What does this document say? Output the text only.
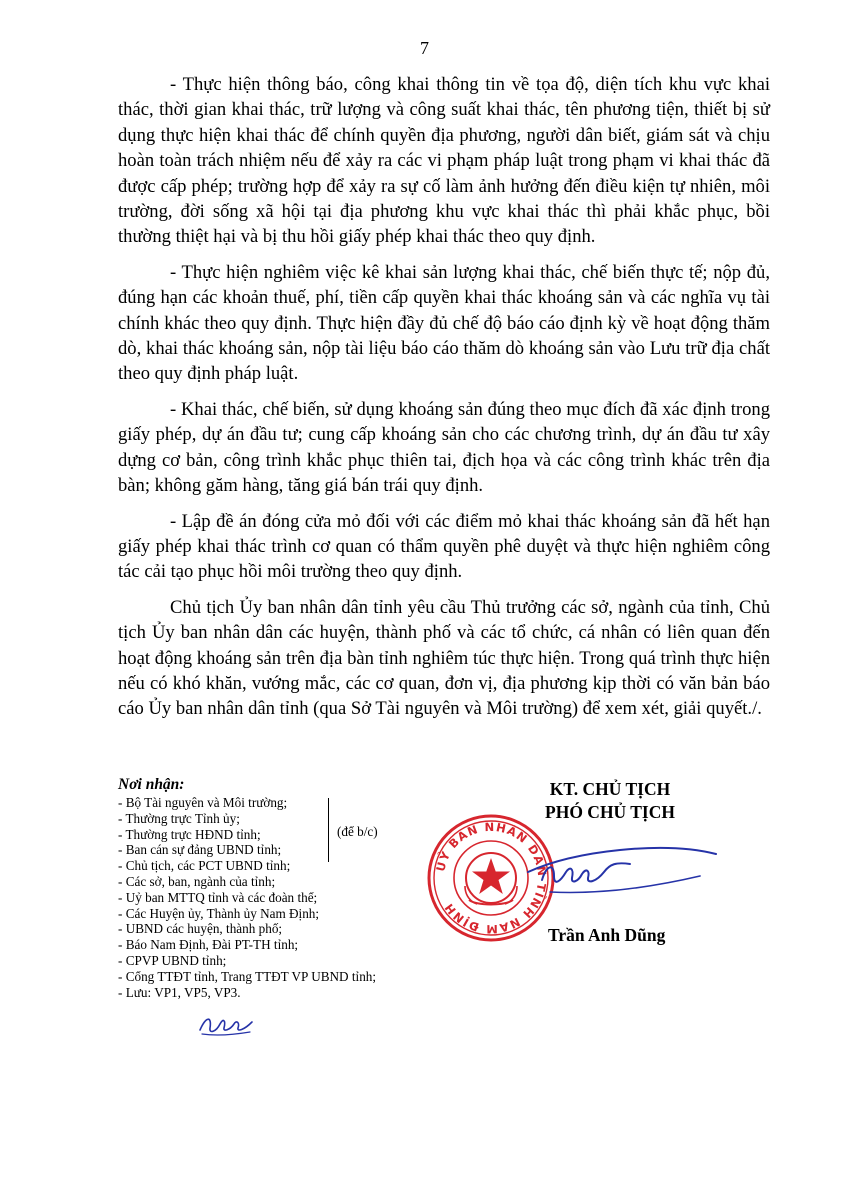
7

- Thực hiện thông báo, công khai thông tin về tọa độ, diện tích khu vực khai thác, thời gian khai thác, trữ lượng và công suất khai thác, tên phương tiện, thiết bị sử dụng thực hiện khai thác để chính quyền địa phương, người dân biết, giám sát và chịu hoàn toàn trách nhiệm nếu để xảy ra các vi phạm pháp luật trong phạm vi khai thác đã được cấp phép; trường hợp để xảy ra sự cố làm ảnh hưởng đến điều kiện tự nhiên, môi trường, đời sống xã hội tại địa phương khu vực khai thác thì phải khắc phục, bồi thường thiệt hại và bị thu hồi giấy phép khai thác theo quy định.

- Thực hiện nghiêm việc kê khai sản lượng khai thác, chế biến thực tế; nộp đủ, đúng hạn các khoản thuế, phí, tiền cấp quyền khai thác khoáng sản và các nghĩa vụ tài chính khác theo quy định. Thực hiện đầy đủ chế độ báo cáo định kỳ về hoạt động thăm dò, khai thác khoáng sản, nộp tài liệu báo cáo thăm dò khoáng sản vào Lưu trữ địa chất theo quy định pháp luật.

- Khai thác, chế biến, sử dụng khoáng sản đúng theo mục đích đã xác định trong giấy phép, dự án đầu tư; cung cấp khoáng sản cho các chương trình, dự án đầu tư xây dựng cơ bản, công trình khắc phục thiên tai, địch họa và các công trình khác trên địa bàn; không găm hàng, tăng giá bán trái quy định.

- Lập đề án đóng cửa mỏ đối với các điểm mỏ khai thác khoáng sản đã hết hạn giấy phép khai thác trình cơ quan có thẩm quyền phê duyệt và thực hiện nghiêm công tác cải tạo phục hồi môi trường theo quy định.

Chủ tịch Ủy ban nhân dân tỉnh yêu cầu Thủ trưởng các sở, ngành của tỉnh, Chủ tịch Ủy ban nhân dân các huyện, thành phố và các tổ chức, cá nhân có liên quan đến hoạt động khoáng sản trên địa bàn tỉnh nghiêm túc thực hiện. Trong quá trình thực hiện nếu có khó khăn, vướng mắc, các cơ quan, đơn vị, địa phương kịp thời có văn bản báo cáo Ủy ban nhân dân tỉnh (qua Sở Tài nguyên và Môi trường) để xem xét, giải quyết./.

Nơi nhận:
- Bộ Tài nguyên và Môi trường;
- Thường trực Tỉnh ủy;
- Thường trực HĐND tỉnh;
- Ban cán sự đảng UBND tỉnh;
- Chủ tịch, các PCT UBND tỉnh;
- Các sở, ban, ngành của tỉnh;
- Uỷ ban MTTQ tỉnh và các đoàn thể;
- Các Huyện ủy, Thành ủy Nam Định;
- UBND các huyện, thành phố;
- Báo Nam Định, Đài PT-TH tỉnh;
- CPVP UBND tỉnh;
- Cổng TTĐT tỉnh, Trang TTĐT VP UBND tỉnh;
- Lưu: VP1, VP5, VP3.
(để b/c)

KT. CHỦ TỊCH

PHÓ CHỦ TỊCH

UỶ BAN NHÂN DÂN TỈNH NAM ĐỊNH
Trần Anh Dũng
